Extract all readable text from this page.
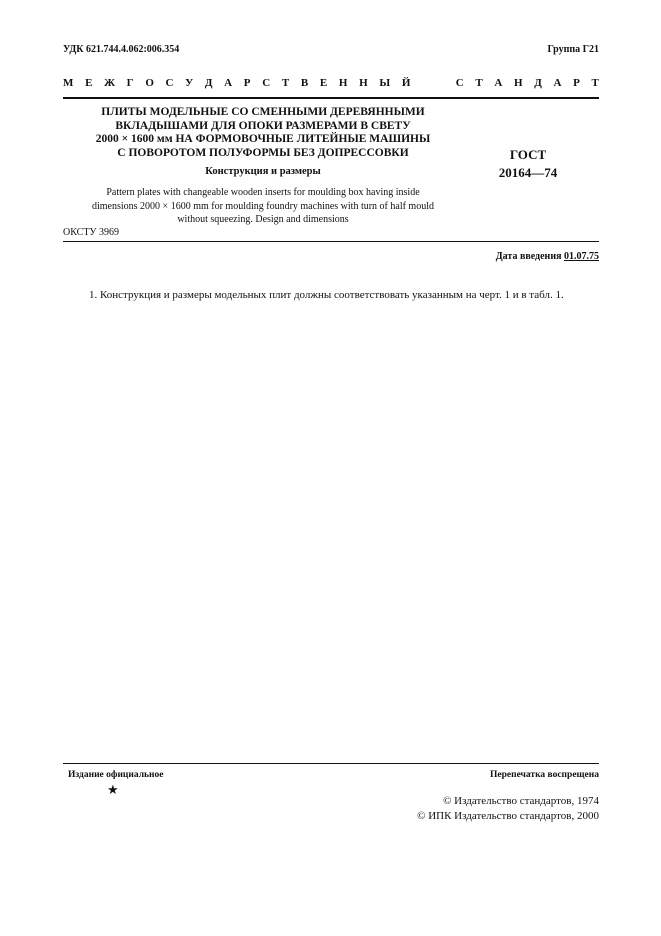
УДК 621.744.4.062:006.354	Группа Г21
М Е Ж Г О С У Д А Р С Т В Е Н Н Ы Й	С Т А Н Д А Р Т
ПЛИТЫ МОДЕЛЬНЫЕ СО СМЕННЫМИ ДЕРЕВЯННЫМИ
ВКЛАДЫШАМИ ДЛЯ ОПОКИ РАЗМЕРАМИ В СВЕТУ
2000 × 1600 мм НА ФОРМОВОЧНЫЕ ЛИТЕЙНЫЕ МАШИНЫ
С ПОВОРОТОМ ПОЛУФОРМЫ БЕЗ ДОПРЕССОВКИ
Конструкция и размеры
ГОСТ
20164—74
Pattern plates with changeable wooden inserts for moulding box having inside
dimensions 2000 × 1600 mm for moulding foundry machines with turn of half mould
without squeezing. Design and dimensions
ОКСТУ 3969
Дата введения 01.07.75
1. Конструкция и размеры модельных плит должны соответствовать указанным на черт. 1 и в табл. 1.
Издание официальное
★
Перепечатка воспрещена
© Издательство стандартов, 1974
© ИПК Издательство стандартов, 2000
